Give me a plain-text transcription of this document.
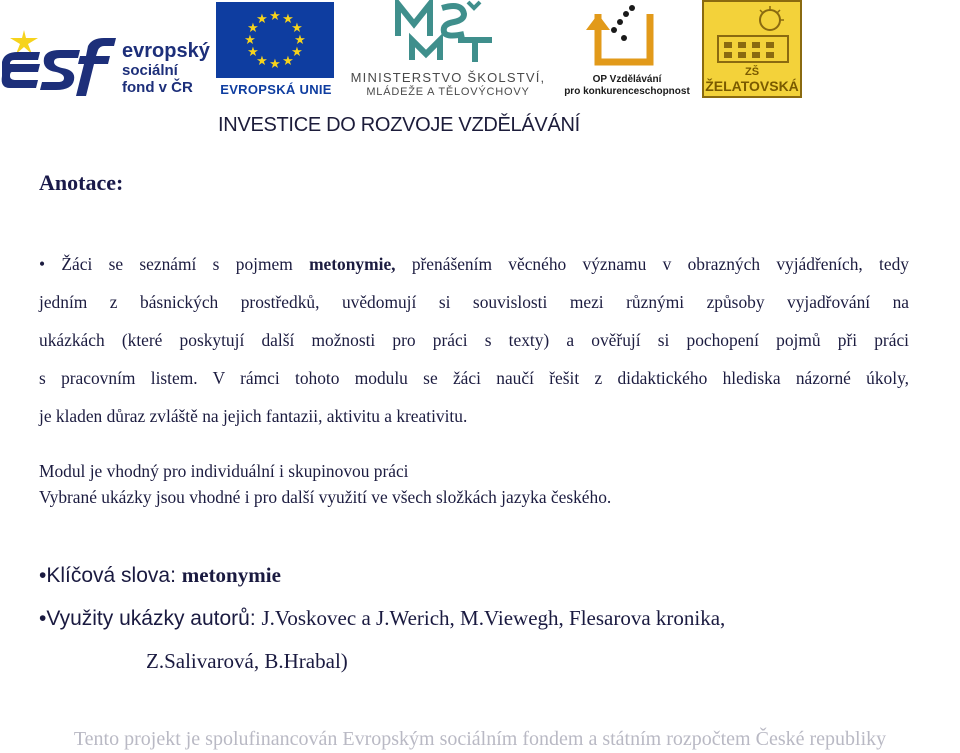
evropský
sociální
fond v ČR
★ ★
★
★
★
★
★
★
★
★
★
★
EVROPSKÁ UNIE
MINISTERSTVO ŠKOLSTVÍ,
MLÁDEŽE A TĚLOVÝCHOVY
OP Vzdělávání
pro konkurenceschopnost
ZŠ
ŽELATOVSKÁ
INVESTICE DO ROZVOJE VZDĚLÁVÁNÍ
Anotace:
• Žáci se seznámí s pojmem metonymie, přenášením věcného významu v obrazných vyjádřeních, tedy
jedním z básnických prostředků, uvědomují si souvislosti mezi různými způsoby vyjadřování na
ukázkách (které poskytují další možnosti pro práci s texty) a ověřují si pochopení pojmů při práci
s pracovním listem. V rámci tohoto modulu se žáci naučí řešit z didaktického hlediska názorné úkoly,
je kladen důraz zvláště na jejich fantazii, aktivitu a kreativitu.
Modul je vhodný pro individuální i skupinovou práci
Vybrané ukázky jsou vhodné i pro další využití ve všech složkách jazyka českého.
•Klíčová slova: metonymie
•Využity ukázky autorů: J.Voskovec a J.Werich, M.Viewegh, Flesarova kronika,
Z.Salivarová, B.Hrabal)
Tento projekt je spolufinancován Evropským sociálním fondem a státním rozpočtem České republiky
